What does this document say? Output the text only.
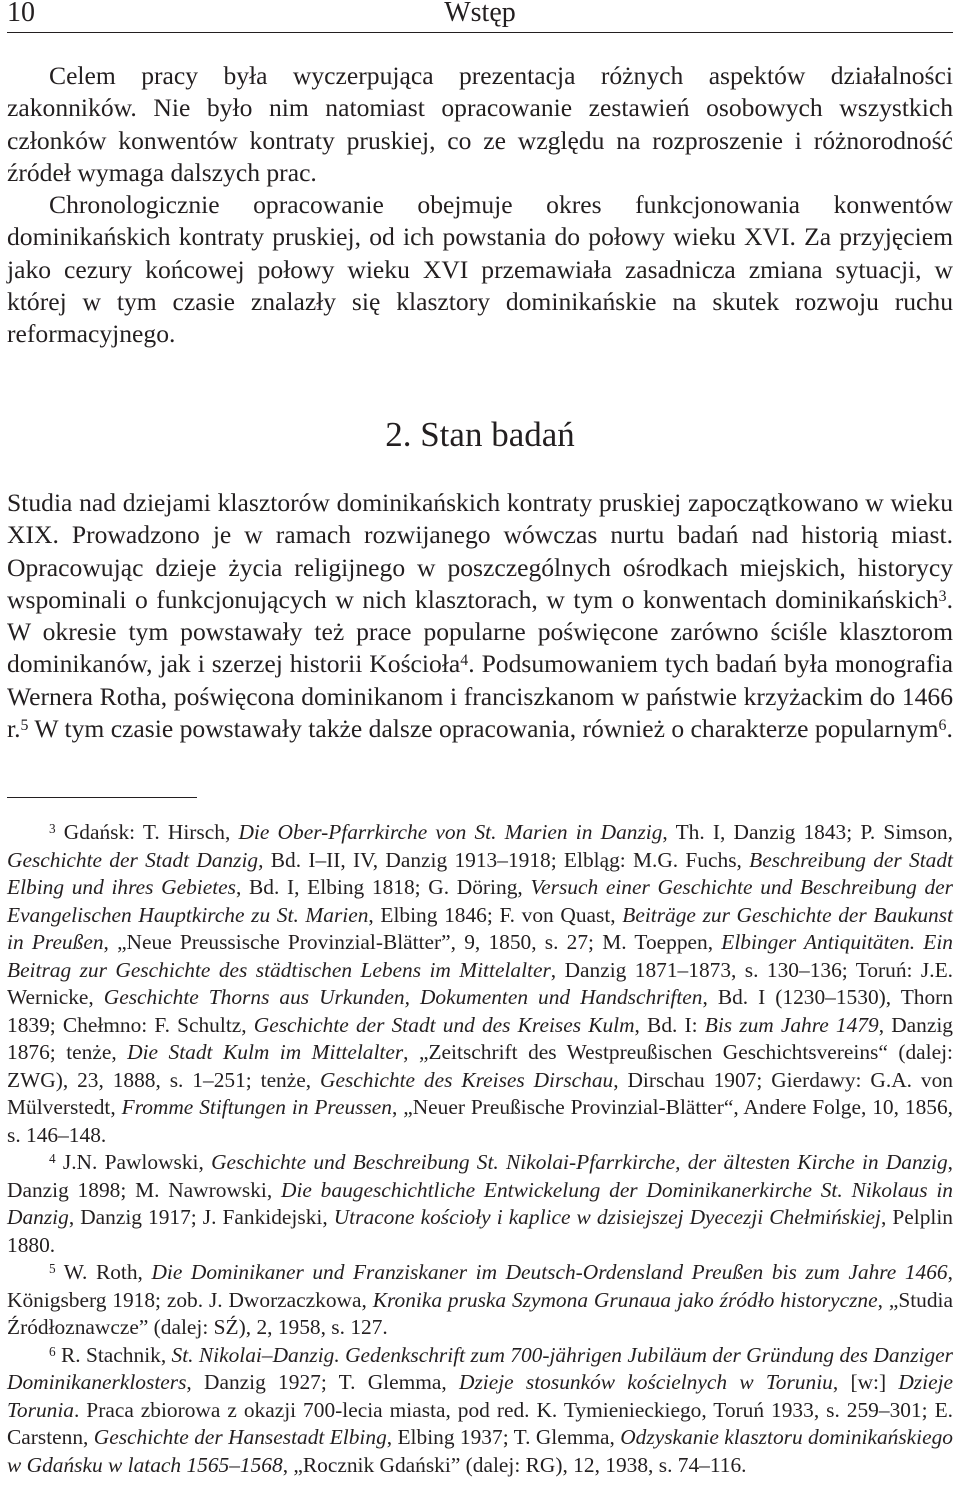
10	Wstęp

Celem pracy była wyczerpująca prezentacja różnych aspektów działalności zakonników. Nie było nim natomiast opracowanie zestawień osobowych wszystkich członków konwentów kontraty pruskiej, co ze względu na rozproszenie i różnorodność źródeł wymaga dalszych prac.

Chronologicznie opracowanie obejmuje okres funkcjonowania konwentów dominikańskich kontraty pruskiej, od ich powstania do połowy wieku XVI. Za przyjęciem jako cezury końcowej połowy wieku XVI przemawiała zasadnicza zmiana sytuacji, w której w tym czasie znalazły się klasztory dominikańskie na skutek rozwoju ruchu reformacyjnego.

2. Stan badań

Studia nad dziejami klasztorów dominikańskich kontraty pruskiej zapoczątkowano w wieku XIX. Prowadzono je w ramach rozwijanego wówczas nurtu badań nad historią miast. Opracowując dzieje życia religijnego w poszczególnych ośrodkach miejskich, historycy wspominali o funkcjonujących w nich klasztorach, w tym o konwentach dominikańskich$^3$. W okresie tym powstawały też prace popularne poświęcone zarówno ściśle klasztorom dominikanów, jak i szerzej historii Kościoła$^4$. Podsumowaniem tych badań była monografia Wernera Rotha, poświęcona dominikanom i franciszkanom w państwie krzyżackim do 1466 r.$^5$ W tym czasie powstawały także dalsze opracowania, również o charakterze popularnym$^6$.

$^3$ Gdańsk: T. Hirsch, Die Ober-Pfarrkirche von St. Marien in Danzig, Th. I, Danzig 1843; P. Simson, Geschichte der Stadt Danzig, Bd. I–II, IV, Danzig 1913–1918; Elbląg: M.G. Fuchs, Beschreibung der Stadt Elbing und ihres Gebietes, Bd. I, Elbing 1818; G. Döring, Versuch einer Geschichte und Beschreibung der Evangelischen Hauptkirche zu St. Marien, Elbing 1846; F. von Quast, Beiträge zur Geschichte der Baukunst in Preußen, „Neue Preussische Provinzial-Blätter”, 9, 1850, s. 27; M. Toeppen, Elbinger Antiquitäten. Ein Beitrag zur Geschichte des städtischen Lebens im Mittelalter, Danzig 1871–1873, s. 130–136; Toruń: J.E. Wernicke, Geschichte Thorns aus Urkunden, Dokumenten und Handschriften, Bd. I (1230–1530), Thorn 1839; Chełmno: F. Schultz, Geschichte der Stadt und des Kreises Kulm, Bd. I: Bis zum Jahre 1479, Danzig 1876; tenże, Die Stadt Kulm im Mittelalter, „Zeitschrift des Westpreußischen Geschichtsvereins“ (dalej: ZWG), 23, 1888, s. 1–251; tenże, Geschichte des Kreises Dirschau, Dirschau 1907; Gierdawy: G.A. von Mülverstedt, Fromme Stiftungen in Preussen, „Neuer Preußische Provinzial-Blätter“, Andere Folge, 10, 1856, s. 146–148.

$^4$ J.N. Pawlowski, Geschichte und Beschreibung St. Nikolai-Pfarrkirche, der ältesten Kirche in Danzig, Danzig 1898; M. Nawrowski, Die baugeschichtliche Entwickelung der Dominikanerkirche St. Nikolaus in Danzig, Danzig 1917; J. Fankidejski, Utracone kościoły i kaplice w dzisiejszej Dyecezji Chełmińskiej, Pelplin 1880.

$^5$ W. Roth, Die Dominikaner und Franziskaner im Deutsch-Ordensland Preußen bis zum Jahre 1466, Königsberg 1918; zob. J. Dworzaczkowa, Kronika pruska Szymona Grunaua jako źródło historyczne, „Studia Źródłoznawcze” (dalej: SŹ), 2, 1958, s. 127.

$^6$ R. Stachnik, St. Nikolai–Danzig. Gedenkschrift zum 700-jährigen Jubiläum der Gründung des Danziger Dominikanerklosters, Danzig 1927; T. Glemma, Dzieje stosunków kościelnych w Toruniu, [w:] Dzieje Torunia. Praca zbiorowa z okazji 700-lecia miasta, pod red. K. Tymienieckiego, Toruń 1933, s. 259–301; E. Carstenn, Geschichte der Hansestadt Elbing, Elbing 1937; T. Glemma, Odzyskanie klasztoru dominikańskiego w Gdańsku w latach 1565–1568, „Rocznik Gdański” (dalej: RG), 12, 1938, s. 74–116.
